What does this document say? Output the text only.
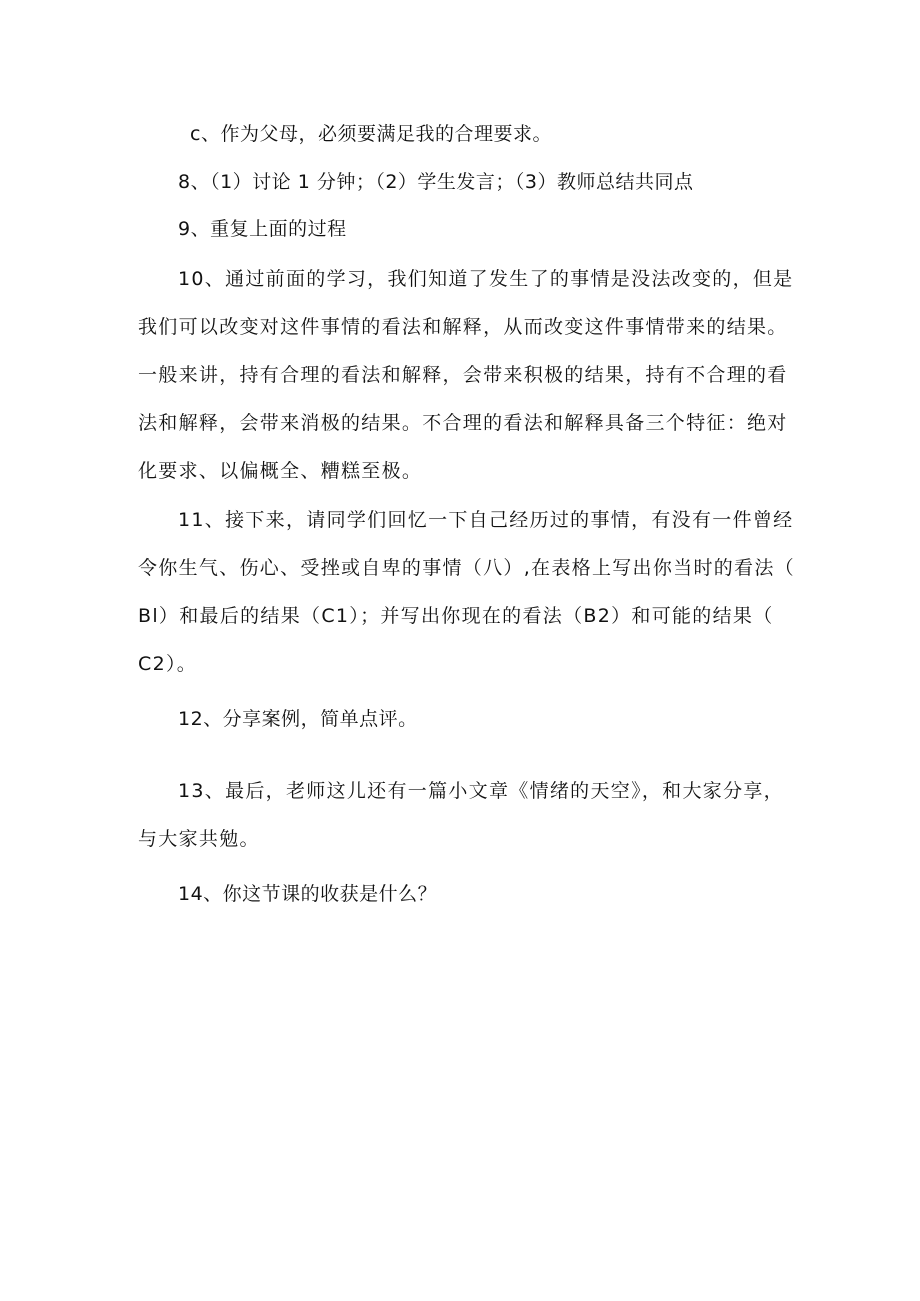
c、作为父母，必须要满足我的合理要求。
8、（1）讨论 1 分钟；（2）学生发言；（3）教师总结共同点
9、重复上面的过程
10、通过前面的学习，我们知道了发生了的事情是没法改变的，但是
我们可以改变对这件事情的看法和解释，从而改变这件事情带来的结果。
一般来讲，持有合理的看法和解释，会带来积极的结果，持有不合理的看
法和解释，会带来消极的结果。不合理的看法和解释具备三个特征：绝对
化要求、以偏概全、糟糕至极。
11、接下来，请同学们回忆一下自己经历过的事情，有没有一件曾经
令你生气、伤心、受挫或自卑的事情（八）,在表格上写出你当时的看法（
Bl）和最后的结果（C1）；并写出你现在的看法（B2）和可能的结果（
C2）。
12、分享案例，简单点评。
13、最后，老师这儿还有一篇小文章《情绪的天空》，和大家分享，
与大家共勉。
14、你这节课的收获是什么？
